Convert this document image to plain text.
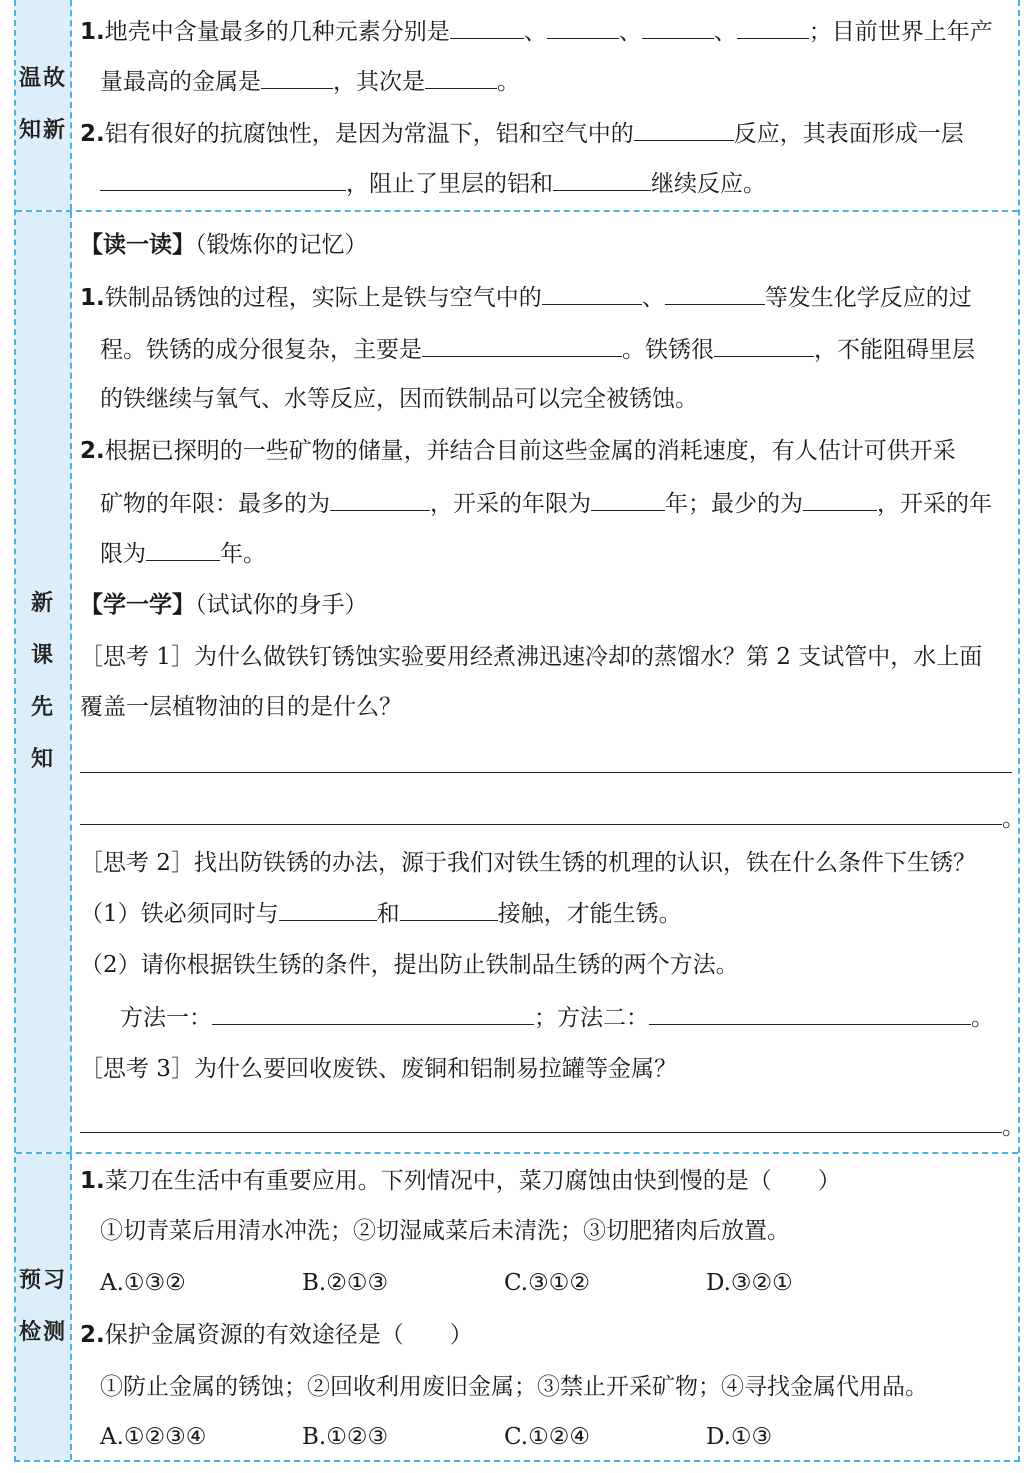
温故
知新
1.地壳中含量最多的几种元素分别是	、	、	、	；目前世界上年产
量最高的金属是	，其次是	。
2.铝有很好的抗腐蚀性，是因为常温下，铝和空气中的	反应，其表面形成一层
，阻止了里层的铝和	继续反应。
新
课
先
知
【读一读】（锻炼你的记忆）
1.铁制品锈蚀的过程，实际上是铁与空气中的	、	等发生化学反应的过
程。铁锈的成分很复杂，主要是	。铁锈很	，不能阻碍里层
的铁继续与氧气、水等反应，因而铁制品可以完全被锈蚀。
2.根据已探明的一些矿物的储量，并结合目前这些金属的消耗速度，有人估计可供开采
矿物的年限：最多的为	，开采的年限为	年；最少的为	，开采的年
限为	年。
【学一学】（试试你的身手）
［思考 1］为什么做铁钉锈蚀实验要用经煮沸迅速冷却的蒸馏水？第 2 支试管中，水上面
覆盖一层植物油的目的是什么？
。
［思考 2］找出防铁锈的办法，源于我们对铁生锈的机理的认识，铁在什么条件下生锈？
（1）铁必须同时与	和	接触，才能生锈。
（2）请你根据铁生锈的条件，提出防止铁制品生锈的两个方法。
方法一：	；方法二：	。
［思考 3］为什么要回收废铁、废铜和铝制易拉罐等金属？
。
预习
检测
1.菜刀在生活中有重要应用。下列情况中，菜刀腐蚀由快到慢的是（　　）
①切青菜后用清水冲洗；②切湿咸菜后未清洗；③切肥猪肉后放置。
A.①③②	B.②①③	C.③①②	D.③②①
2.保护金属资源的有效途径是（　　）
①防止金属的锈蚀；②回收利用废旧金属；③禁止开采矿物；④寻找金属代用品。
A.①②③④	B.①②③	C.①②④	D.①③
